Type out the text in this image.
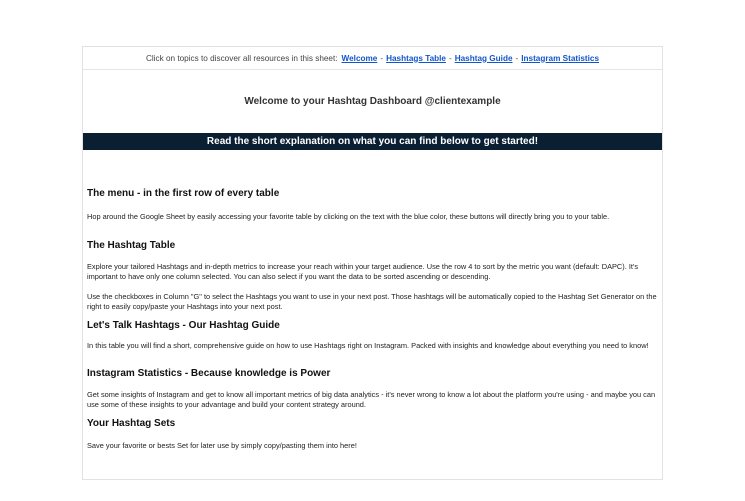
Click on topics to discover all resources in this sheet: Welcome - Hashtags Table - Hashtag Guide - Instagram Statistics
Welcome to your Hashtag Dashboard @clientexample
Read the short explanation on what you can find below to get started!
The menu - in the first row of every table

Hop around the Google Sheet by easily accessing your favorite table by clicking on the text with the blue color, these buttons will directly bring you to your table.

The Hashtag Table

Explore your tailored Hashtags and in-depth metrics to increase your reach within your target audience. Use the row 4 to sort by the metric you want (default: DAPC). It's important to have only one column selected. You can also select if you want the data to be sorted ascending or descending.

Use the checkboxes in Column "G" to select the Hashtags you want to use in your next post. Those hashtags will be automatically copied to the Hashtag Set Generator on the right to easily copy/paste your Hashtags into your next post.

Let's Talk Hashtags - Our Hashtag Guide

In this table you will find a short, comprehensive guide on how to use Hashtags right on Instagram. Packed with insights and knowledge about everything you need to know!

Instagram Statistics - Because knowledge is Power

Get some insights of Instagram and get to know all important metrics of big data analytics - it's never wrong to know a lot about the platform you're using - and maybe you can use some of these insights to your advantage and build your content strategy around.

Your Hashtag Sets

Save your favorite or bests Set for later use by simply copy/pasting them into here!
